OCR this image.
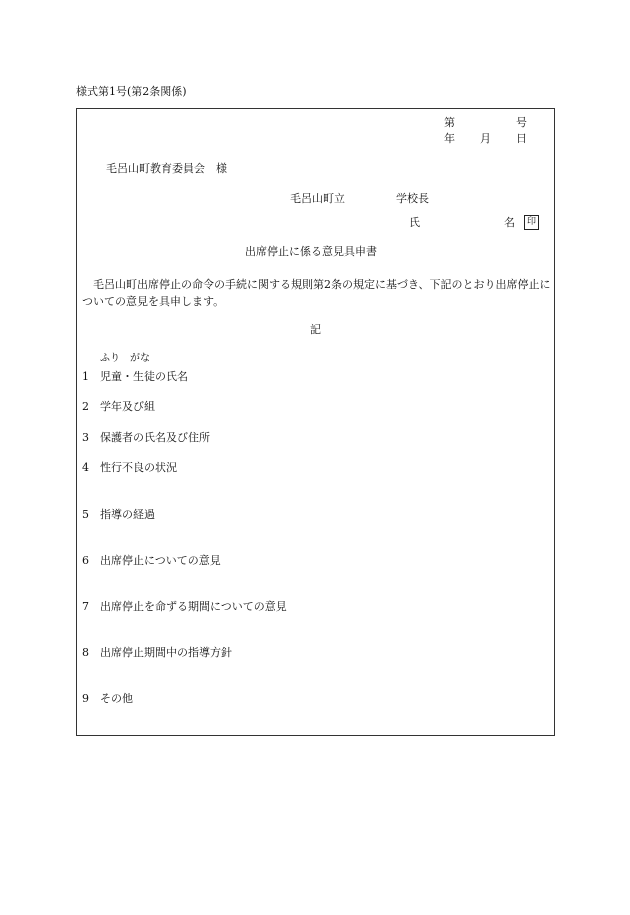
様式第1号(第2条関係)
第	号
年 月 日
毛呂山町教育委員会　様
毛呂山町立	学校長
氏	名	印
出席停止に係る意見具申書
　毛呂山町出席停止の命令の手続に関する規則第2条の規定に基づき、下記のとおり出席停止についての意見を具申します。
記
ふり　がな
1 児童・生徒の氏名
2 学年及び組
3 保護者の氏名及び住所
4 性行不良の状況
5 指導の経過
6 出席停止についての意見
7 出席停止を命ずる期間についての意見
8 出席停止期間中の指導方針
9 その他
